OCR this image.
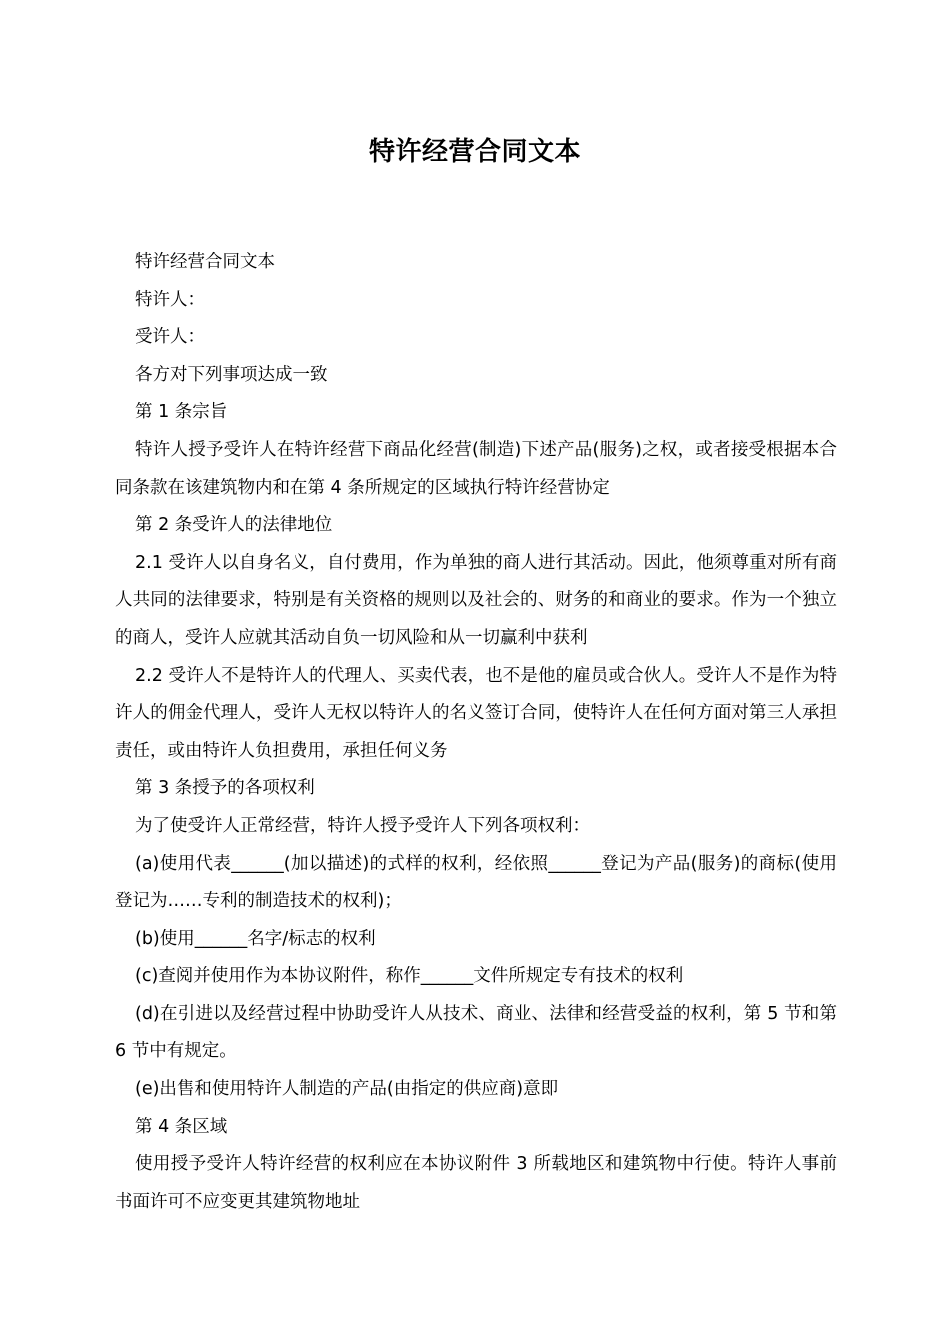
特许经营合同文本

特许经营合同文本

特许人：

受许人：

各方对下列事项达成一致

第 1 条宗旨

特许人授予受许人在特许经营下商品化经营(制造)下述产品(服务)之权，或者接受根据本合同条款在该建筑物内和在第 4 条所规定的区域执行特许经营协定

第 2 条受许人的法律地位

2.1 受许人以自身名义，自付费用，作为单独的商人进行其活动。因此，他须尊重对所有商人共同的法律要求，特别是有关资格的规则以及社会的、财务的和商业的要求。作为一个独立的商人，受许人应就其活动自负一切风险和从一切赢利中获利

2.2 受许人不是特许人的代理人、买卖代表，也不是他的雇员或合伙人。受许人不是作为特许人的佣金代理人，受许人无权以特许人的名义签订合同，使特许人在任何方面对第三人承担责任，或由特许人负担费用，承担任何义务

第 3 条授予的各项权利

为了使受许人正常经营，特许人授予受许人下列各项权利：

(a)使用代表______(加以描述)的式样的权利，经依照______登记为产品(服务)的商标(使用登记为……专利的制造技术的权利)；

(b)使用______名字/标志的权利

(c)查阅并使用作为本协议附件，称作______文件所规定专有技术的权利

(d)在引进以及经营过程中协助受许人从技术、商业、法律和经营受益的权利，第 5 节和第 6 节中有规定。

(e)出售和使用特许人制造的产品(由指定的供应商)意即

第 4 条区域

使用授予受许人特许经营的权利应在本协议附件 3 所载地区和建筑物中行使。特许人事前书面许可不应变更其建筑物地址
